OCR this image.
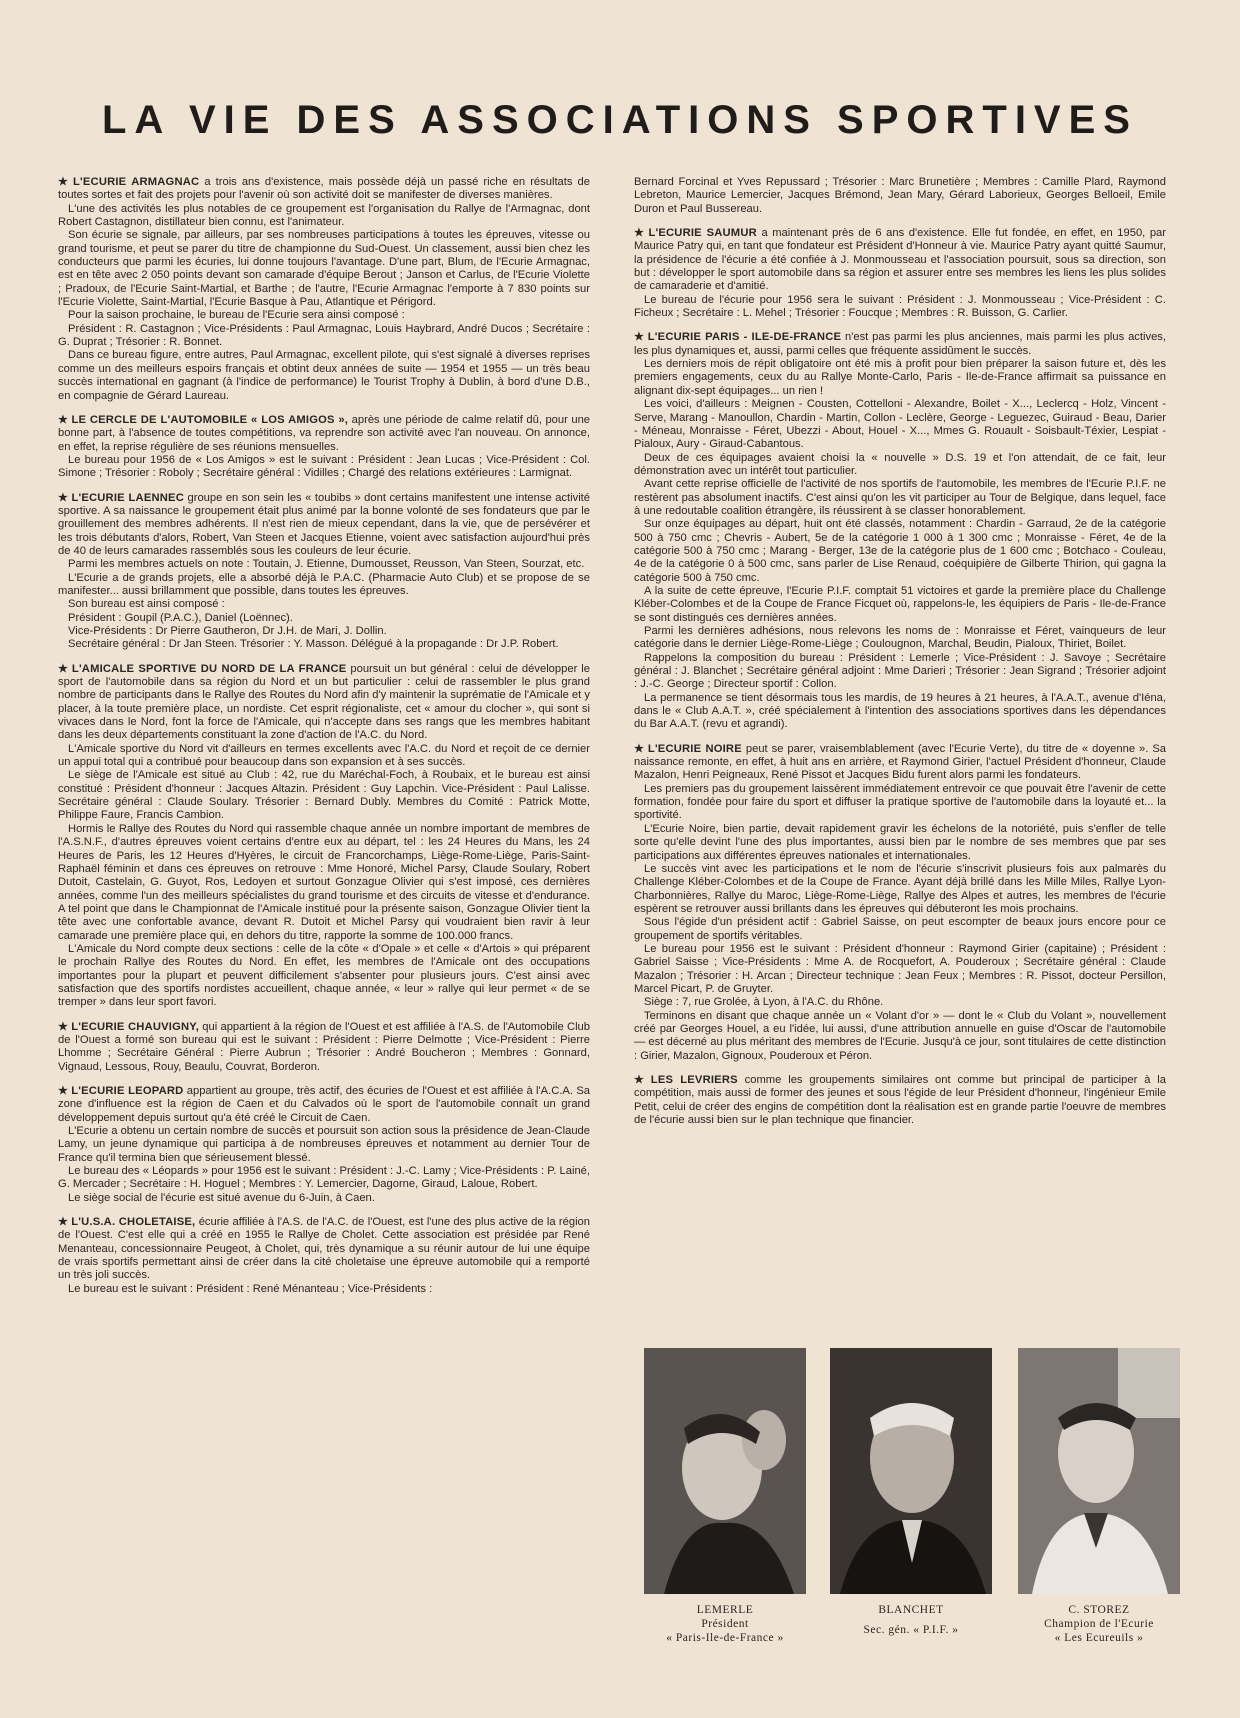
LA VIE DES ASSOCIATIONS SPORTIVES

★ L'ECURIE ARMAGNAC a trois ans d'existence, mais possède déjà un passé riche en résultats de toutes sortes et fait des projets pour l'avenir où son activité doit se manifester de diverses manières.

L'une des activités les plus notables de ce groupement est l'organisation du Rallye de l'Armagnac, dont Robert Castagnon, distillateur bien connu, est l'animateur.

Son écurie se signale, par ailleurs, par ses nombreuses participations à toutes les épreuves, vitesse ou grand tourisme, et peut se parer du titre de championne du Sud-Ouest. Un classement, aussi bien chez les conducteurs que parmi les écuries, lui donne toujours l'avantage. D'une part, Blum, de l'Ecurie Armagnac, est en tête avec 2 050 points devant son camarade d'équipe Berout ; Janson et Carlus, de l'Ecurie Violette ; Pradoux, de l'Ecurie Saint-Martial, et Barthe ; de l'autre, l'Ecurie Armagnac l'emporte à 7 830 points sur l'Ecurie Violette, Saint-Martial, l'Ecurie Basque à Pau, Atlantique et Périgord.

Pour la saison prochaine, le bureau de l'Ecurie sera ainsi composé :

Président : R. Castagnon ; Vice-Présidents : Paul Armagnac, Louis Haybrard, André Ducos ; Secrétaire : G. Duprat ; Trésorier : R. Bonnet.

Dans ce bureau figure, entre autres, Paul Armagnac, excellent pilote, qui s'est signalé à diverses reprises comme un des meilleurs espoirs français et obtint deux années de suite — 1954 et 1955 — un très beau succès international en gagnant (à l'indice de performance) le Tourist Trophy à Dublin, à bord d'une D.B., en compagnie de Gérard Laureau.

★ LE CERCLE DE L'AUTOMOBILE « LOS AMIGOS », après une période de calme relatif dû, pour une bonne part, à l'absence de toutes compétitions, va reprendre son activité avec l'an nouveau. On annonce, en effet, la reprise régulière de ses réunions mensuelles.

Le bureau pour 1956 de « Los Amigos » est le suivant : Président : Jean Lucas ; Vice-Président : Col. Simone ; Trésorier : Roboly ; Secrétaire général : Vidilles ; Chargé des relations extérieures : Larmignat.

★ L'ECURIE LAENNEC groupe en son sein les « toubibs » dont certains manifestent une intense activité sportive. A sa naissance le groupement était plus animé par la bonne volonté de ses fondateurs que par le grouillement des membres adhérents. Il n'est rien de mieux cependant, dans la vie, que de persévérer et les trois débutants d'alors, Robert, Van Steen et Jacques Etienne, voient avec satisfaction aujourd'hui près de 40 de leurs camarades rassemblés sous les couleurs de leur écurie.

Parmi les membres actuels on note : Toutain, J. Etienne, Dumousset, Reusson, Van Steen, Sourzat, etc.

L'Ecurie a de grands projets, elle a absorbé déjà le P.A.C. (Pharmacie Auto Club) et se propose de se manifester... aussi brillamment que possible, dans toutes les épreuves.

Son bureau est ainsi composé :

Président : Goupil (P.A.C.), Daniel (Loënnec).

Vice-Présidents : Dr Pierre Gautheron, Dr J.H. de Mari, J. Dollin.

Secrétaire général : Dr Jan Steen. Trésorier : Y. Masson. Délégué à la propagande : Dr J.P. Robert.

★ L'AMICALE SPORTIVE DU NORD DE LA FRANCE poursuit un but général : celui de développer le sport de l'automobile dans sa région du Nord et un but particulier : celui de rassembler le plus grand nombre de participants dans le Rallye des Routes du Nord afin d'y maintenir la suprématie de l'Amicale et y placer, à la toute première place, un nordiste. Cet esprit régionaliste, cet « amour du clocher », qui sont si vivaces dans le Nord, font la force de l'Amicale, qui n'accepte dans ses rangs que les membres habitant dans les deux départements constituant la zone d'action de l'A.C. du Nord.

L'Amicale sportive du Nord vit d'ailleurs en termes excellents avec l'A.C. du Nord et reçoit de ce dernier un appui total qui a contribué pour beaucoup dans son expansion et à ses succès.

Le siège de l'Amicale est situé au Club : 42, rue du Maréchal-Foch, à Roubaix, et le bureau est ainsi constitué : Président d'honneur : Jacques Altazin. Président : Guy Lapchin. Vice-Président : Paul Lalisse. Secrétaire général : Claude Soulary. Trésorier : Bernard Dubly. Membres du Comité : Patrick Motte, Philippe Faure, Francis Cambion.

Hormis le Rallye des Routes du Nord qui rassemble chaque année un nombre important de membres de l'A.S.N.F., d'autres épreuves voient certains d'entre eux au départ, tel : les 24 Heures du Mans, les 24 Heures de Paris, les 12 Heures d'Hyères, le circuit de Francorchamps, Liège-Rome-Liège, Paris-Saint-Raphaël féminin et dans ces épreuves on retrouve : Mme Honoré, Michel Parsy, Claude Soulary, Robert Dutoit, Castelain, G. Guyot, Ros, Ledoyen et surtout Gonzague Olivier qui s'est imposé, ces dernières années, comme l'un des meilleurs spécialistes du grand tourisme et des circuits de vitesse et d'endurance. A tel point que dans le Championnat de l'Amicale institué pour la présente saison, Gonzague Olivier tient la tête avec une confortable avance, devant R. Dutoit et Michel Parsy qui voudraient bien ravir à leur camarade une première place qui, en dehors du titre, rapporte la somme de 100.000 francs.

L'Amicale du Nord compte deux sections : celle de la côte « d'Opale » et celle « d'Artois » qui préparent le prochain Rallye des Routes du Nord. En effet, les membres de l'Amicale ont des occupations importantes pour la plupart et peuvent difficilement s'absenter pour plusieurs jours. C'est ainsi avec satisfaction que des sportifs nordistes accueillent, chaque année, « leur » rallye qui leur permet « de se tremper » dans leur sport favori.

★ L'ECURIE CHAUVIGNY, qui appartient à la région de l'Ouest et est affiliée à l'A.S. de l'Automobile Club de l'Ouest a formé son bureau qui est le suivant : Président : Pierre Delmotte ; Vice-Président : Pierre Lhomme ; Secrétaire Général : Pierre Aubrun ; Trésorier : André Boucheron ; Membres : Gonnard, Vignaud, Lessous, Rouy, Beaulu, Couvrat, Borderon.

★ L'ECURIE LEOPARD appartient au groupe, très actif, des écuries de l'Ouest et est affiliée à l'A.C.A. Sa zone d'influence est la région de Caen et du Calvados où le sport de l'automobile connaît un grand développement depuis surtout qu'a été créé le Circuit de Caen.

L'Ecurie a obtenu un certain nombre de succès et poursuit son action sous la présidence de Jean-Claude Lamy, un jeune dynamique qui participa à de nombreuses épreuves et notamment au dernier Tour de France qu'il termina bien que sérieusement blessé.

Le bureau des « Léopards » pour 1956 est le suivant : Président : J.-C. Lamy ; Vice-Présidents : P. Lainé, G. Mercader ; Secrétaire : H. Hoguel ; Membres : Y. Lemercier, Dagorne, Giraud, Laloue, Robert.

Le siège social de l'écurie est situé avenue du 6-Juin, à Caen.

★ L'U.S.A. CHOLETAISE, écurie affiliée à l'A.S. de l'A.C. de l'Ouest, est l'une des plus active de la région de l'Ouest. C'est elle qui a créé en 1955 le Rallye de Cholet. Cette association est présidée par René Menanteau, concessionnaire Peugeot, à Cholet, qui, très dynamique a su réunir autour de lui une équipe de vrais sportifs permettant ainsi de créer dans la cité choletaise une épreuve automobile qui a remporté un très joli succès.

Le bureau est le suivant : Président : René Ménanteau ; Vice-Présidents :

Bernard Forcinal et Yves Repussard ; Trésorier : Marc Brunetière ; Membres : Camille Plard, Raymond Lebreton, Maurice Lemercier, Jacques Brémond, Jean Mary, Gérard Laborieux, Georges Belloeil, Emile Duron et Paul Bussereau.

★ L'ECURIE SAUMUR a maintenant près de 6 ans d'existence. Elle fut fondée, en effet, en 1950, par Maurice Patry qui, en tant que fondateur est Président d'Honneur à vie. Maurice Patry ayant quitté Saumur, la présidence de l'écurie a été confiée à J. Monmousseau et l'association poursuit, sous sa direction, son but : développer le sport automobile dans sa région et assurer entre ses membres les liens les plus solides de camaraderie et d'amitié.

Le bureau de l'écurie pour 1956 sera le suivant : Président : J. Monmousseau ; Vice-Président : C. Ficheux ; Secrétaire : L. Mehel ; Trésorier : Foucque ; Membres : R. Buisson, G. Carlier.

★ L'ECURIE PARIS - ILE-DE-FRANCE n'est pas parmi les plus anciennes, mais parmi les plus actives, les plus dynamiques et, aussi, parmi celles que fréquente assidûment le succès.

Les derniers mois de répit obligatoire ont été mis à profit pour bien préparer la saison future et, dès les premiers engagements, ceux du au Rallye Monte-Carlo, Paris - Ile-de-France affirmait sa puissance en alignant dix-sept équipages... un rien !

Les voici, d'ailleurs : Meignen - Cousten, Cottelloni - Alexandre, Boilet - X..., Leclercq - Holz, Vincent - Serve, Marang - Manoullon, Chardin - Martin, Collon - Leclère, George - Leguezec, Guiraud - Beau, Darier - Méneau, Monraisse - Féret, Ubezzi - About, Houel - X..., Mmes G. Rouault - Soisbault-Téxier, Lespiat - Pialoux, Aury - Giraud-Cabantous.

Deux de ces équipages avaient choisi la « nouvelle » D.S. 19 et l'on attendait, de ce fait, leur démonstration avec un intérêt tout particulier.

Avant cette reprise officielle de l'activité de nos sportifs de l'automobile, les membres de l'Ecurie P.I.F. ne restèrent pas absolument inactifs. C'est ainsi qu'on les vit participer au Tour de Belgique, dans lequel, face à une redoutable coalition étrangère, ils réussirent à se classer honorablement.

Sur onze équipages au départ, huit ont été classés, notamment : Chardin - Garraud, 2e de la catégorie 500 à 750 cmc ; Chevris - Aubert, 5e de la catégorie 1 000 à 1 300 cmc ; Monraisse - Féret, 4e de la catégorie 500 à 750 cmc ; Marang - Berger, 13e de la catégorie plus de 1 600 cmc ; Botchaco - Couleau, 4e de la catégorie 0 à 500 cmc, sans parler de Lise Renaud, coéquipière de Gilberte Thirion, qui gagna la catégorie 500 à 750 cmc.

A la suite de cette épreuve, l'Ecurie P.I.F. comptait 51 victoires et garde la première place du Challenge Kléber-Colombes et de la Coupe de France Ficquet où, rappelons-le, les équipiers de Paris - Ile-de-France se sont distingués ces dernières années.

Parmi les dernières adhésions, nous relevons les noms de : Monraisse et Féret, vainqueurs de leur catégorie dans le dernier Liège-Rome-Liège ; Coulougnon, Marchal, Beudin, Pialoux, Thiriet, Boilet.

Rappelons la composition du bureau : Président : Lemerle ; Vice-Président : J. Savoye ; Secrétaire général : J. Blanchet ; Secrétaire général adjoint : Mme Darieri ; Trésorier : Jean Sigrand ; Trésorier adjoint : J.-C. George ; Directeur sportif : Collon.

La permanence se tient désormais tous les mardis, de 19 heures à 21 heures, à l'A.A.T., avenue d'Iéna, dans le « Club A.A.T. », créé spécialement à l'intention des associations sportives dans les dépendances du Bar A.A.T. (revu et agrandi).

★ L'ECURIE NOIRE peut se parer, vraisemblablement (avec l'Ecurie Verte), du titre de « doyenne ». Sa naissance remonte, en effet, à huit ans en arrière, et Raymond Girier, l'actuel Président d'honneur, Claude Mazalon, Henri Peigneaux, René Pissot et Jacques Bidu furent alors parmi les fondateurs.

Les premiers pas du groupement laissèrent immédiatement entrevoir ce que pouvait être l'avenir de cette formation, fondée pour faire du sport et diffuser la pratique sportive de l'automobile dans la loyauté et... la sportivité.

L'Ecurie Noire, bien partie, devait rapidement gravir les échelons de la notoriété, puis s'enfler de telle sorte qu'elle devint l'une des plus importantes, aussi bien par le nombre de ses membres que par ses participations aux différentes épreuves nationales et internationales.

Le succès vint avec les participations et le nom de l'écurie s'inscrivit plusieurs fois aux palmarès du Challenge Kléber-Colombes et de la Coupe de France. Ayant déjà brillé dans les Mille Miles, Rallye Lyon-Charbonnières, Rallye du Maroc, Liège-Rome-Liège, Rallye des Alpes et autres, les membres de l'écurie espèrent se retrouver aussi brillants dans les épreuves qui débuteront les mois prochains.

Sous l'égide d'un président actif : Gabriel Saisse, on peut escompter de beaux jours encore pour ce groupement de sportifs véritables.

Le bureau pour 1956 est le suivant : Président d'honneur : Raymond Girier (capitaine) ; Président : Gabriel Saisse ; Vice-Présidents : Mme A. de Rocquefort, A. Pouderoux ; Secrétaire général : Claude Mazalon ; Trésorier : H. Arcan ; Directeur technique : Jean Feux ; Membres : R. Pissot, docteur Persillon, Marcel Picart, P. de Gruyter.

Siège : 7, rue Grolée, à Lyon, à l'A.C. du Rhône.

Terminons en disant que chaque année un « Volant d'or » — dont le « Club du Volant », nouvellement créé par Georges Houel, a eu l'idée, lui aussi, d'une attribution annuelle en guise d'Oscar de l'automobile — est décerné au plus méritant des membres de l'Ecurie. Jusqu'à ce jour, sont titulaires de cette distinction : Girier, Mazalon, Gignoux, Pouderoux et Péron.

★ LES LEVRIERS comme les groupements similaires ont comme but principal de participer à la compétition, mais aussi de former des jeunes et sous l'égide de leur Président d'honneur, l'ingénieur Emile Petit, celui de créer des engins de compétition dont la réalisation est en grande partie l'oeuvre de membres de l'écurie aussi bien sur le plan technique que financier.

LEMERLE
Président
« Paris-Ile-de-France »
BLANCHET
Sec. gén. « P.I.F. »
C. STOREZ
Champion de l'Ecurie
« Les Ecureuils »
